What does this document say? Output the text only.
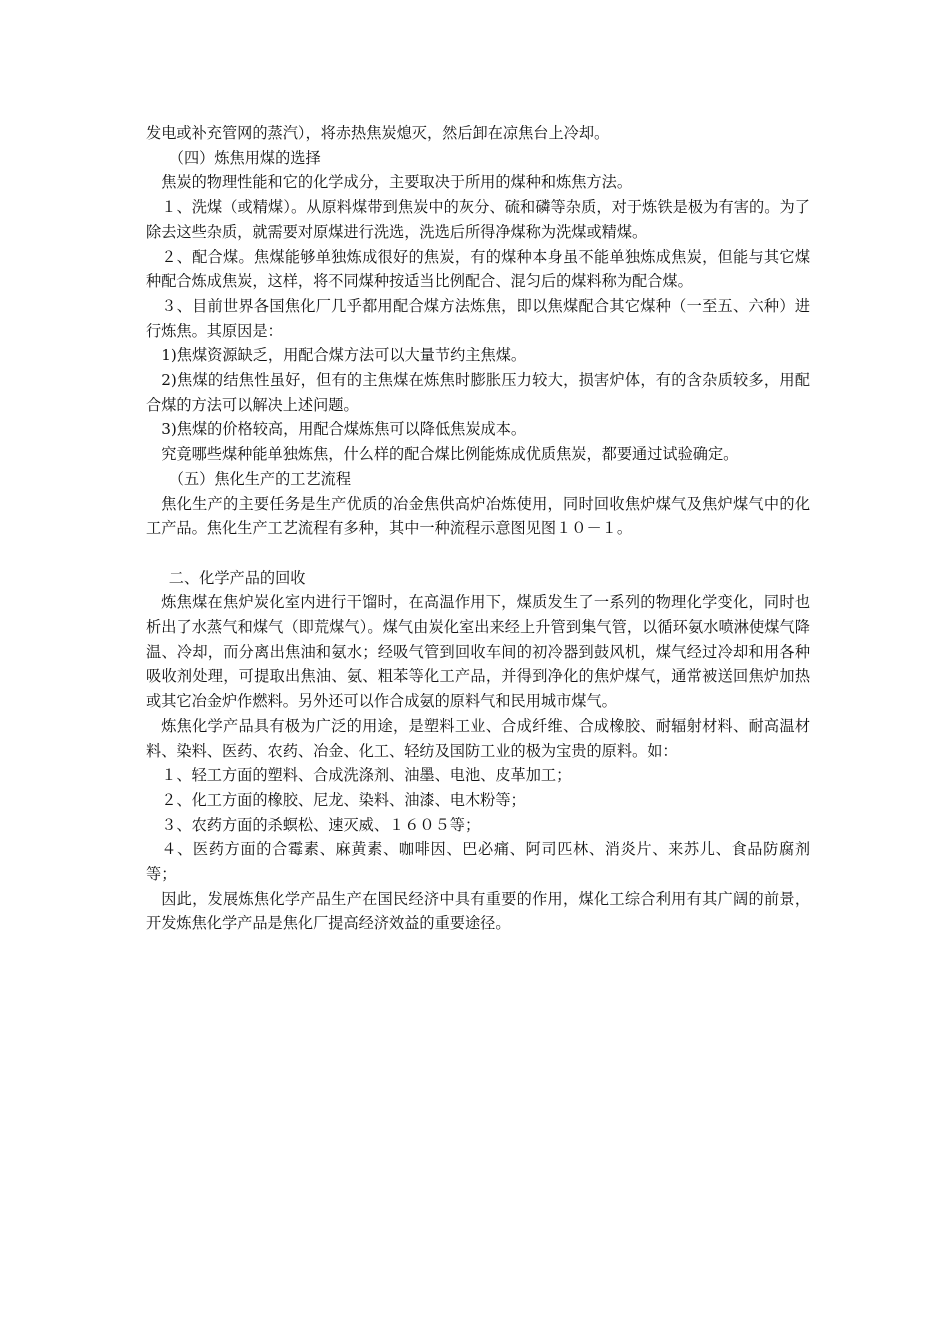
发电或补充管网的蒸汽），将赤热焦炭熄灭，然后卸在凉焦台上冷却。

（四）炼焦用煤的选择

焦炭的物理性能和它的化学成分，主要取决于所用的煤种和炼焦方法。

１、洗煤（或精煤）。从原料煤带到焦炭中的灰分、硫和磷等杂质，对于炼铁是极为有害的。为了除去这些杂质，就需要对原煤进行洗选，洗选后所得净煤称为洗煤或精煤。

２、配合煤。焦煤能够单独炼成很好的焦炭，有的煤种本身虽不能单独炼成焦炭，但能与其它煤种配合炼成焦炭，这样，将不同煤种按适当比例配合、混匀后的煤料称为配合煤。

３、目前世界各国焦化厂几乎都用配合煤方法炼焦，即以焦煤配合其它煤种（一至五、六种）进行炼焦。其原因是：

1)焦煤资源缺乏，用配合煤方法可以大量节约主焦煤。

2)焦煤的结焦性虽好，但有的主焦煤在炼焦时膨胀压力较大，损害炉体，有的含杂质较多，用配合煤的方法可以解决上述问题。

3)焦煤的价格较高，用配合煤炼焦可以降低焦炭成本。

究竟哪些煤种能单独炼焦，什么样的配合煤比例能炼成优质焦炭，都要通过试验确定。

（五）焦化生产的工艺流程

焦化生产的主要任务是生产优质的冶金焦供高炉冶炼使用，同时回收焦炉煤气及焦炉煤气中的化工产品。焦化生产工艺流程有多种，其中一种流程示意图见图１０－１。

二、化学产品的回收

炼焦煤在焦炉炭化室内进行干馏时，在高温作用下，煤质发生了一系列的物理化学变化，同时也析出了水蒸气和煤气（即荒煤气）。煤气由炭化室出来经上升管到集气管，以循环氨水喷淋使煤气降温、冷却，而分离出焦油和氨水；经吸气管到回收车间的初冷器到鼓风机，煤气经过冷却和用各种吸收剂处理，可提取出焦油、氨、粗苯等化工产品，并得到净化的焦炉煤气，通常被送回焦炉加热或其它冶金炉作燃料。另外还可以作合成氨的原料气和民用城市煤气。

炼焦化学产品具有极为广泛的用途，是塑料工业、合成纤维、合成橡胶、耐辐射材料、耐高温材料、染料、医药、农药、冶金、化工、轻纺及国防工业的极为宝贵的原料。如：

１、轻工方面的塑料、合成洗涤剂、油墨、电池、皮革加工；

２、化工方面的橡胶、尼龙、染料、油漆、电木粉等；

３、农药方面的杀螟松、速灭威、１６０５等；

４、医药方面的合霉素、麻黄素、咖啡因、巴必痛、阿司匹林、消炎片、来苏儿、食品防腐剂等；

因此，发展炼焦化学产品生产在国民经济中具有重要的作用，煤化工综合利用有其广阔的前景，开发炼焦化学产品是焦化厂提高经济效益的重要途径。
